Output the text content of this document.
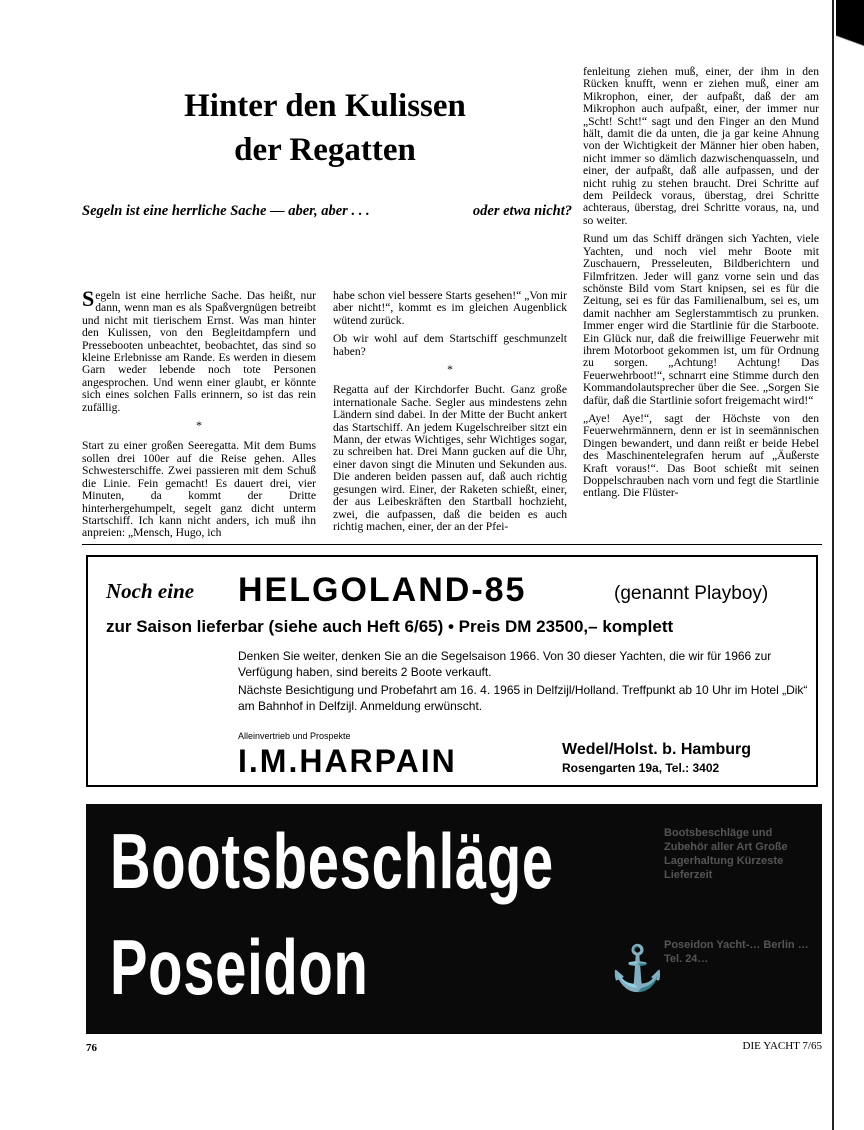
Hinter den Kulissen
der Regatten
Segeln ist eine herrliche Sache — aber, aber . . .	oder etwa nicht?

Segeln ist eine herrliche Sache. Das heißt, nur dann, wenn man es als Spaßvergnügen betreibt und nicht mit tierischem Ernst. Was man hinter den Kulissen, von den Begleitdampfern und Pressebooten unbeachtet, beobachtet, das sind so kleine Erlebnisse am Rande. Es werden in diesem Garn weder lebende noch tote Personen angesprochen. Und wenn einer glaubt, er könnte sich eines solchen Falls erinnern, so ist das rein zufällig.

*

Start zu einer großen Seeregatta. Mit dem Bums sollen drei 100er auf die Reise gehen. Alles Schwesterschiffe. Zwei passieren mit dem Schuß die Linie. Fein gemacht! Es dauert drei, vier Minuten, da kommt der Dritte hinterhergehumpelt, segelt ganz dicht unterm Startschiff. Ich kann nicht anders, ich muß ihn anpreien: „Mensch, Hugo, ich

habe schon viel bessere Starts gesehen!“ „Von mir aber nicht!“, kommt es im gleichen Augenblick wütend zurück.

Ob wir wohl auf dem Startschiff geschmunzelt haben?

*

Regatta auf der Kirchdorfer Bucht. Ganz große internationale Sache. Segler aus mindestens zehn Ländern sind dabei. In der Mitte der Bucht ankert das Startschiff. An jedem Kugelschreiber sitzt ein Mann, der etwas Wichtiges, sehr Wichtiges sogar, zu schreiben hat. Drei Mann gucken auf die Uhr, einer davon singt die Minuten und Sekunden aus. Die anderen beiden passen auf, daß auch richtig gesungen wird. Einer, der Raketen schießt, einer, der aus Leibeskräften den Startball hochzieht, zwei, die aufpassen, daß die beiden es auch richtig machen, einer, der an der Pfei-

fenleitung ziehen muß, einer, der ihm in den Rücken knufft, wenn er ziehen muß, einer am Mikrophon, einer, der aufpaßt, daß der am Mikrophon auch aufpaßt, einer, der immer nur „Scht! Scht!“ sagt und den Finger an den Mund hält, damit die da unten, die ja gar keine Ahnung von der Wichtigkeit der Männer hier oben haben, nicht immer so dämlich dazwischenquasseln, und einer, der aufpaßt, daß alle aufpassen, und der nicht ruhig zu stehen braucht. Drei Schritte auf dem Peildeck voraus, überstag, drei Schritte achteraus, überstag, drei Schritte voraus, na, und so weiter.

Rund um das Schiff drängen sich Yachten, viele Yachten, und noch viel mehr Boote mit Zuschauern, Presseleuten, Bildberichtern und Filmfritzen. Jeder will ganz vorne sein und das schönste Bild vom Start knipsen, sei es für die Zeitung, sei es für das Familienalbum, sei es, um damit nachher am Seglerstammtisch zu prunken. Immer enger wird die Startlinie für die Starboote. Ein Glück nur, daß die freiwillige Feuerwehr mit ihrem Motorboot gekommen ist, um für Ordnung zu sorgen. „Achtung! Achtung! Das Feuerwehrboot!“, schnarrt eine Stimme durch den Kommandolautsprecher über die See. „Sorgen Sie dafür, daß die Startlinie sofort freigemacht wird!“

„Aye! Aye!“, sagt der Höchste von den Feuerwehrmännern, denn er ist in seemännischen Dingen bewandert, und dann reißt er beide Hebel des Maschinentelegrafen herum auf „Äußerste Kraft voraus!“. Das Boot schießt mit seinen Doppelschrauben nach vorn und fegt die Startlinie entlang. Die Flüster-

Noch eine HELGOLAND-85	(genannt Playboy)
zur Saison lieferbar (siehe auch Heft 6/65) • Preis DM 23500,– komplett

Denken Sie weiter, denken Sie an die Segelsaison 1966. Von 30 dieser Yachten, die wir für 1966 zur Verfügung haben, sind bereits 2 Boote verkauft.

Nächste Besichtigung und Probefahrt am 16. 4. 1965 in Delfzijl/Holland. Treffpunkt ab 10 Uhr im Hotel „Dik“ am Bahnhof in Delfzijl. Anmeldung erwünscht.

Alleinvertrieb und Prospekte
I.M.HARPAIN	Wedel/Holst. b. Hamburg
Rosengarten 19a, Tel.: 3402
Bootsbeschläge
Poseidon
Bootsbeschläge und Zubehör aller Art Große Lagerhaltung Kürzeste Lieferzeit
⚓ Poseidon Yacht-… Berlin … Tel. 24…
76	DIE YACHT 7/65
